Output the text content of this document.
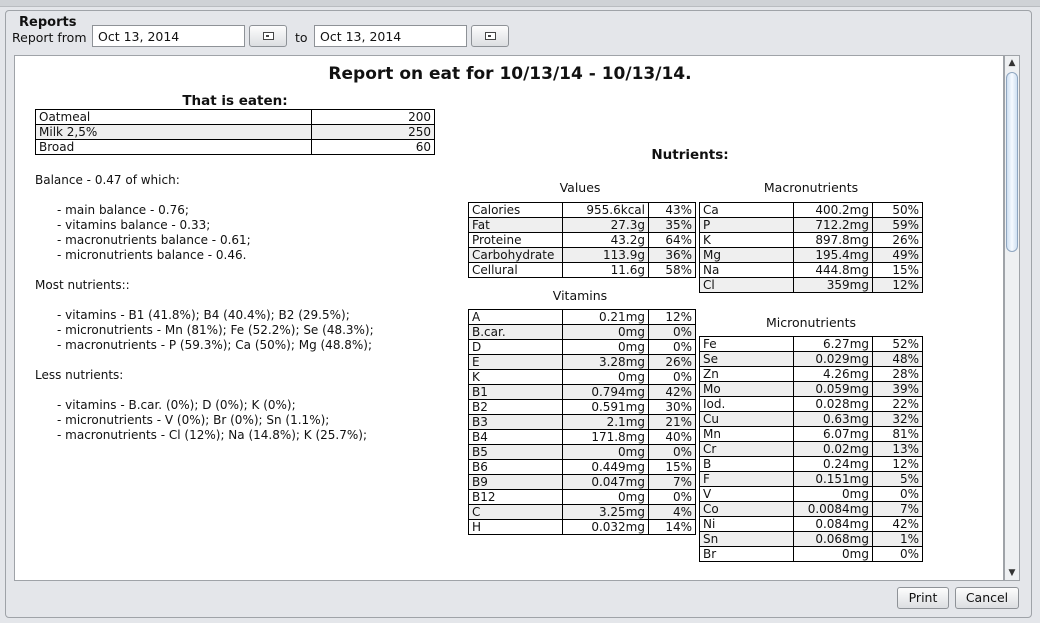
Reports
Report from Oct 13, 2014	to Oct 13, 2014
Report on eat for 10/13/14 - 10/13/14.
That is eaten:
Oatmeal	200
Milk 2,5%	250
Broad	60
Balance - 0.47 of which:
- main balance - 0.76;
- vitamins balance - 0.33;
- macronutrients balance - 0.61;
- micronutrients balance - 0.46.
Most nutrients::
- vitamins - B1 (41.8%); B4 (40.4%); B2 (29.5%);
- micronutrients - Mn (81%); Fe (52.2%); Se (48.3%);
- macronutrients - P (59.3%); Ca (50%); Mg (48.8%);
Less nutrients:
- vitamins - B.car. (0%); D (0%); K (0%);
- micronutrients - V (0%); Br (0%); Sn (1.1%);
- macronutrients - Cl (12%); Na (14.8%); K (25.7%);
Nutrients:
Values
Calories	955.6kcal	43%
Fat	27.3g	35%
Proteine	43.2g	64%
Carbohydrate	113.9g	36%
Cellural	11.6g	58%
Vitamins
A	0.21mg	12%
B.car.	0mg	0%
D	0mg	0%
E	3.28mg	26%
K	0mg	0%
B1	0.794mg	42%
B2	0.591mg	30%
B3	2.1mg	21%
B4	171.8mg	40%
B5	0mg	0%
B6	0.449mg	15%
B9	0.047mg	7%
B12	0mg	0%
C	3.25mg	4%
H	0.032mg	14%
Macronutrients
Ca	400.2mg	50%
P	712.2mg	59%
K	897.8mg	26%
Mg	195.4mg	49%
Na	444.8mg	15%
Cl	359mg	12%
Micronutrients
Fe	6.27mg	52%
Se	0.029mg	48%
Zn	4.26mg	28%
Mo	0.059mg	39%
Iod.	0.028mg	22%
Cu	0.63mg	32%
Mn	6.07mg	81%
Cr	0.02mg	13%
B	0.24mg	12%
F	0.151mg	5%
V	0mg	0%
Co	0.0084mg	7%
Ni	0.084mg	42%
Sn	0.068mg	1%
Br	0mg	0%
▲
▼
Print	Cancel
